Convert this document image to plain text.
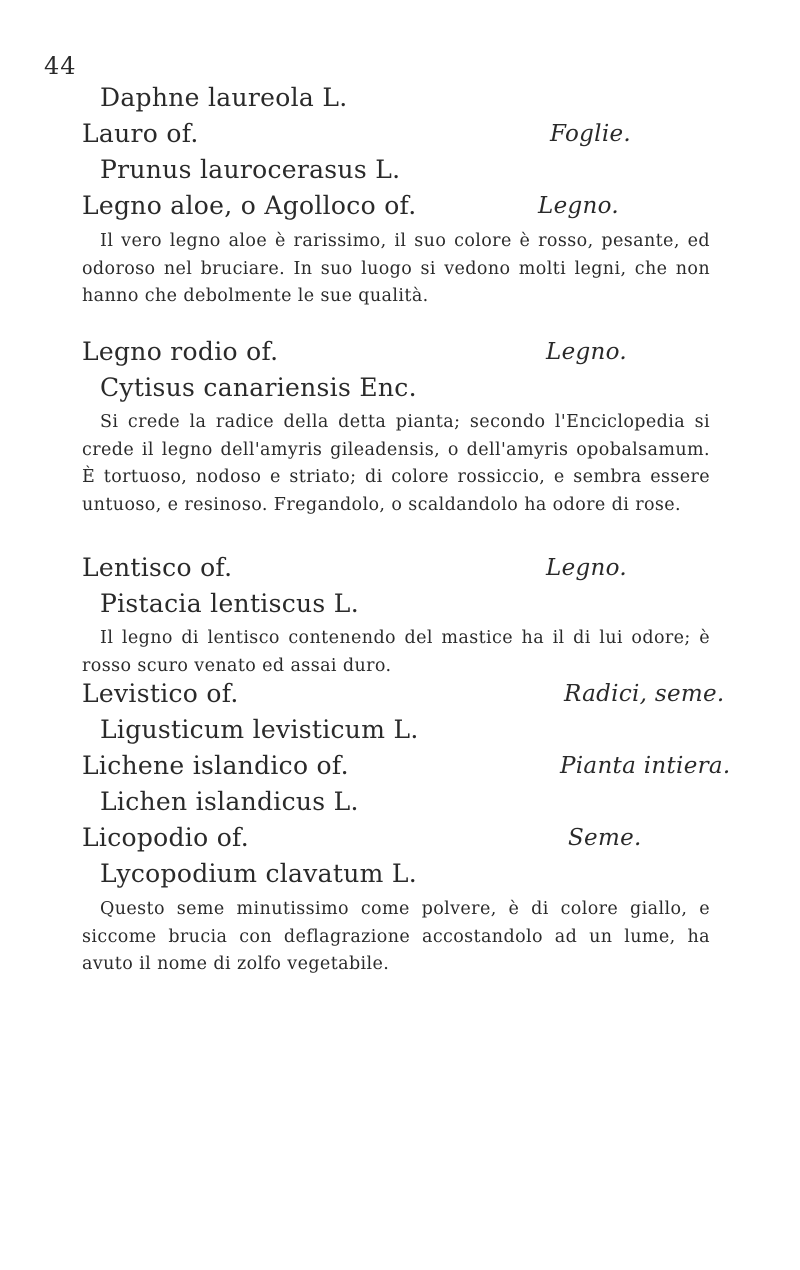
44
Daphne laureola L.
Lauro of.	Foglie.
Prunus laurocerasus L.
Legno aloe, o Agolloco of.	Legno.

Il vero legno aloe è rarissimo, il suo colore è rosso, pesante, ed odoroso nel bruciare. In suo luogo si vedono molti legni, che non hanno che debolmente le sue qualità.

Legno rodio of.	Legno.
Cytisus canariensis Enc.

Si crede la radice della detta pianta; secondo l'Enciclopedia si crede il legno dell'amyris gileadensis, o dell'amyris opobalsamum. È tortuoso, nodoso e striato; di colore rossiccio, e sembra essere untuoso, e resinoso. Fregandolo, o scaldandolo ha odore di rose.

Lentisco of.	Legno.
Pistacia lentiscus L.

Il legno di lentisco contenendo del mastice ha il di lui odore; è rosso scuro venato ed assai duro.

Levistico of.	Radici, seme.
Ligusticum levisticum L.
Lichene islandico of.	Pianta intiera.
Lichen islandicus L.
Licopodio of.	Seme.
Lycopodium clavatum L.

Questo seme minutissimo come polvere, è di colore giallo, e siccome brucia con deflagrazione accostandolo ad un lume, ha avuto il nome di zolfo vegetabile.
